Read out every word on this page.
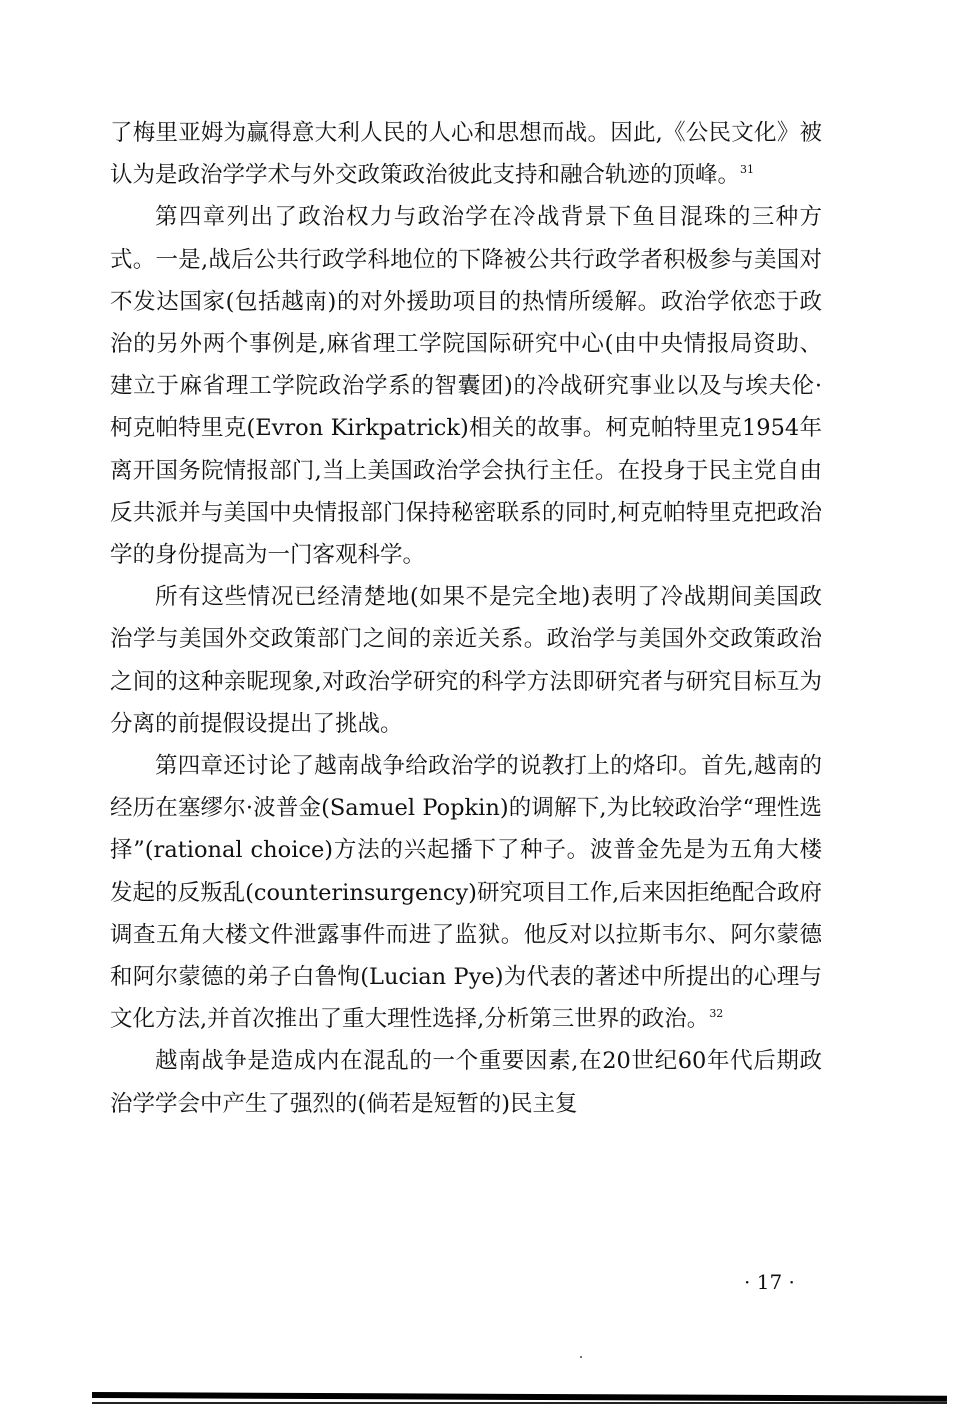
了梅里亚姆为赢得意大利人民的人心和思想而战。因此,《公民文化》被认为是政治学学术与外交政策政治彼此支持和融合轨迹的顶峰。$^{31}$

第四章列出了政治权力与政治学在冷战背景下鱼目混珠的三种方式。一是,战后公共行政学科地位的下降被公共行政学者积极参与美国对不发达国家(包括越南)的对外援助项目的热情所缓解。政治学依恋于政治的另外两个事例是,麻省理工学院国际研究中心(由中央情报局资助、建立于麻省理工学院政治学系的智囊团)的冷战研究事业以及与埃夫伦·柯克帕特里克(Evron Kirkpatrick)相关的故事。柯克帕特里克1954年离开国务院情报部门,当上美国政治学会执行主任。在投身于民主党自由反共派并与美国中央情报部门保持秘密联系的同时,柯克帕特里克把政治学的身份提高为一门客观科学。

所有这些情况已经清楚地(如果不是完全地)表明了冷战期间美国政治学与美国外交政策部门之间的亲近关系。政治学与美国外交政策政治之间的这种亲昵现象,对政治学研究的科学方法即研究者与研究目标互为分离的前提假设提出了挑战。

第四章还讨论了越南战争给政治学的说教打上的烙印。首先,越南的经历在塞缪尔·波普金(Samuel Popkin)的调解下,为比较政治学“理性选择”(rational choice)方法的兴起播下了种子。波普金先是为五角大楼发起的反叛乱(counterinsurgency)研究项目工作,后来因拒绝配合政府调查五角大楼文件泄露事件而进了监狱。他反对以拉斯韦尔、阿尔蒙德和阿尔蒙德的弟子白鲁恂(Lucian Pye)为代表的著述中所提出的心理与文化方法,并首次推出了重大理性选择,分析第三世界的政治。$^{32}$

越南战争是造成内在混乱的一个重要因素,在20世纪60年代后期政治学学会中产生了强烈的(倘若是短暂的)民主复

· 17 ·
